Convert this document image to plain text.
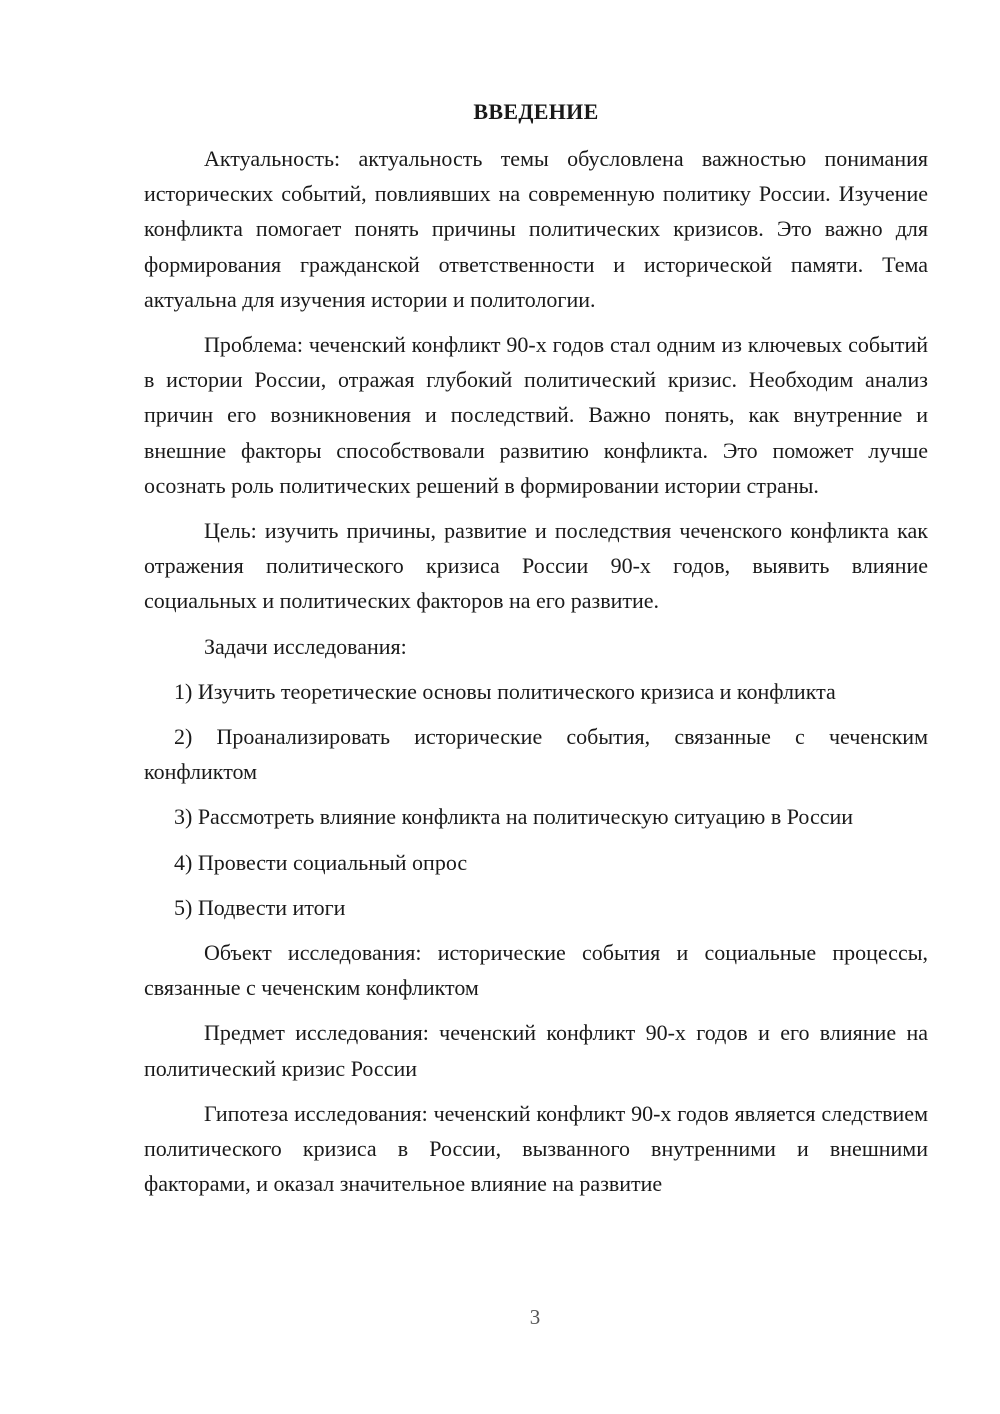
ВВЕДЕНИЕ

Актуальность: актуальность темы обусловлена важностью понимания исторических событий, повлиявших на современную политику России. Изучение конфликта помогает понять причины политических кризисов. Это важно для формирования гражданской ответственности и исторической памяти. Тема актуальна для изучения истории и политологии.

Проблема: чеченский конфликт 90-х годов стал одним из ключевых событий в истории России, отражая глубокий политический кризис. Необходим анализ причин его возникновения и последствий. Важно понять, как внутренние и внешние факторы способствовали развитию конфликта. Это поможет лучше осознать роль политических решений в формировании истории страны.

Цель: изучить причины, развитие и последствия чеченского конфликта как отражения политического кризиса России 90-х годов, выявить влияние социальных и политических факторов на его развитие.

Задачи исследования:

1) Изучить теоретические основы политического кризиса и конфликта

2) Проанализировать исторические события, связанные с чеченским конфликтом

3) Рассмотреть влияние конфликта на политическую ситуацию в России

4) Провести социальный опрос

5) Подвести итоги

Объект исследования: исторические события и социальные процессы, связанные с чеченским конфликтом

Предмет исследования: чеченский конфликт 90-х годов и его влияние на политический кризис России

Гипотеза исследования: чеченский конфликт 90-х годов является следствием политического кризиса в России, вызванного внутренними и внешними факторами, и оказал значительное влияние на развитие

3
